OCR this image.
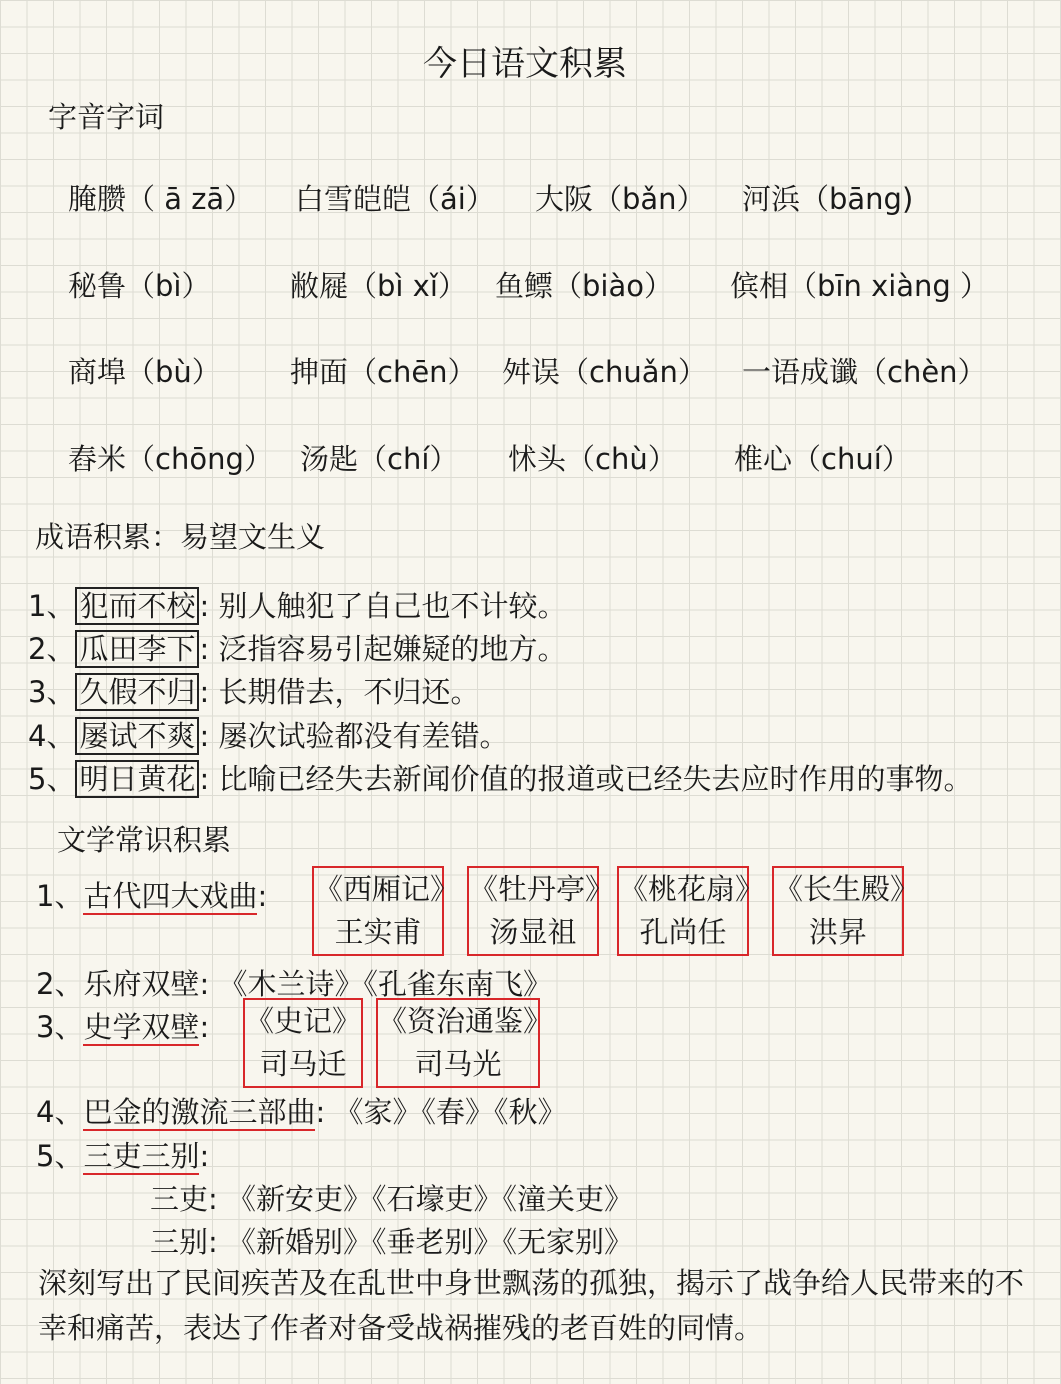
今日语文积累
字音字词
腌臜（ ā zā） 白雪皑皑（ái） 大阪（bǎn） 河浜（bāng)
秘鲁（bì）	敝屣（bì xǐ） 鱼鳔（biào） 傧相（bīn xiàng ）
商埠（bù） 抻面（chēn） 舛误（chuǎn） 一语成谶（chèn）
舂米（chōng） 汤匙（chí） 怵头（chù） 椎心（chuí）
成语积累：易望文生义
1、 犯而不校 : 别人触犯了自己也不计较。
2、 瓜田李下 : 泛指容易引起嫌疑的地方。
3、 久假不归 : 长期借去，不归还。
4、 屡试不爽 : 屡次试验都没有差错。
5、 明日黄花 : 比喻已经失去新闻价值的报道或已经失去应时作用的事物。
文学常识积累
1、古代四大戏曲: 《西厢记》
王实甫
《牡丹亭》
汤显祖
《桃花扇》
孔尚任
《长生殿》
洪昇
2、乐府双壁: 《木兰诗》《孔雀东南飞》
3、史学双壁: 《史记》
司马迁
《资治通鉴》
司马光
4、巴金的激流三部曲: 《家》《春》《秋》
5、三吏三别:
三吏: 《新安吏》《石壕吏》《潼关吏》
三别: 《新婚别》《垂老别》《无家别》
深刻写出了民间疾苦及在乱世中身世飘荡的孤独，揭示了战争给人民带来的不幸和痛苦，表达了作者对备受战祸摧残的老百姓的同情。
